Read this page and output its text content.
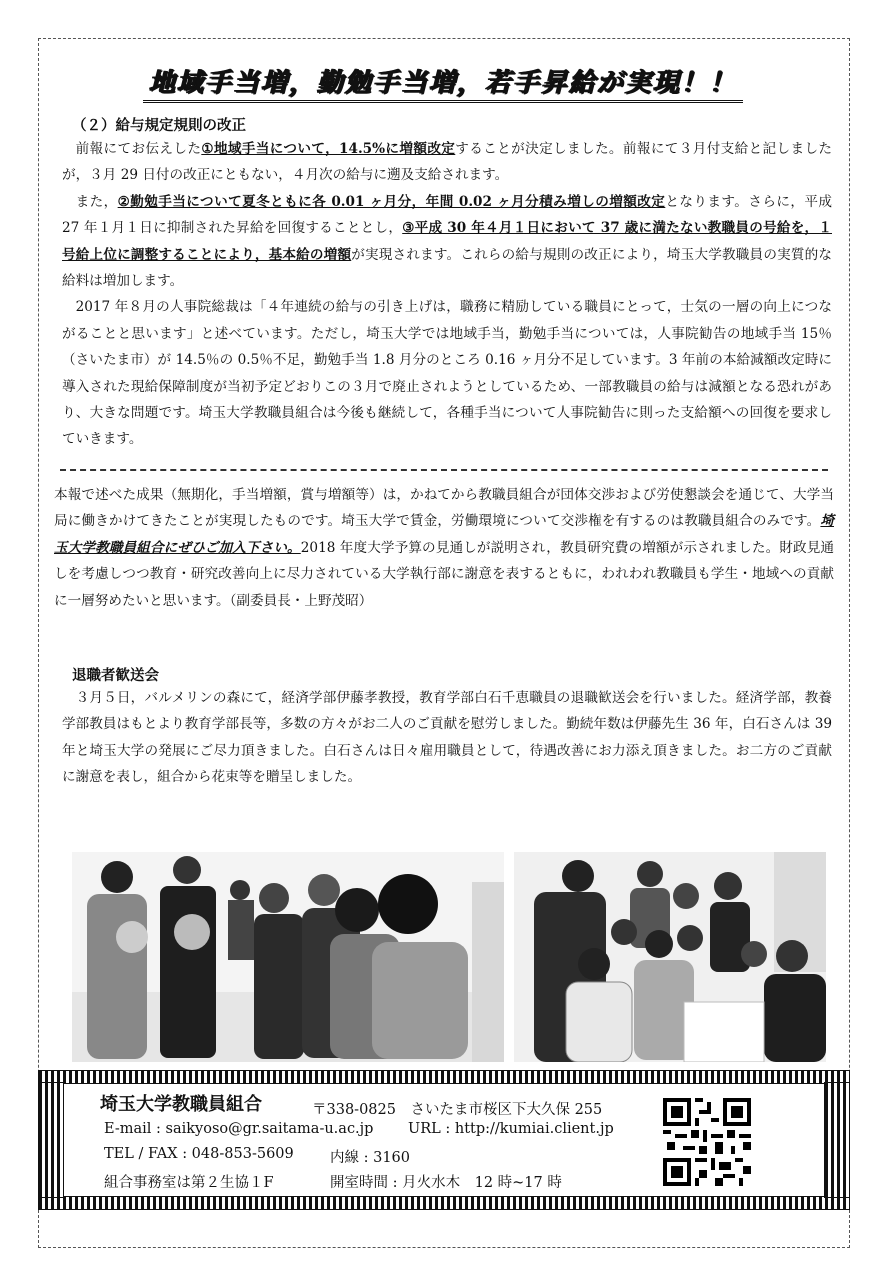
地域手当増，勤勉手当増，若手昇給が実現！！
（２）給与規定規則の改正

前報にてお伝えした①地域手当について，14.5%に増額改定することが決定しました。前報にて３月付支給と記しましたが，３月 29 日付の改正にともない，４月次の給与に遡及支給されます。

また，②勤勉手当について夏冬ともに各 0.01 ヶ月分，年間 0.02 ヶ月分積み増しの増額改定となります。さらに，平成 27 年１月１日に抑制された昇給を回復することとし，③平成 30 年４月１日において 37 歳に満たない教職員の号給を，１号給上位に調整することにより，基本給の増額が実現されます。これらの給与規則の改正により，埼玉大学教職員の実質的な給料は増加します。

2017 年８月の人事院総裁は「４年連続の給与の引き上げは，職務に精励している職員にとって，士気の一層の向上につながることと思います」と述べています。ただし，埼玉大学では地域手当，勤勉手当については，人事院勧告の地域手当 15％（さいたま市）が 14.5％の 0.5％不足，勤勉手当 1.8 月分のところ 0.16 ヶ月分不足しています。3 年前の本給減額改定時に導入された現給保障制度が当初予定どおりこの３月で廃止されようとしているため、一部教職員の給与は減額となる恐れがあり、大きな問題です。埼玉大学教職員組合は今後も継続して，各種手当について人事院勧告に則った支給額への回復を要求していきます。

本報で述べた成果（無期化，手当増額，賞与増額等）は，かねてから教職員組合が団体交渉および労使懇談会を通じて、大学当局に働きかけてきたことが実現したものです。埼玉大学で賃金，労働環境について交渉権を有するのは教職員組合のみです。埼玉大学教職員組合にぜひご加入下さい。2018 年度大学予算の見通しが説明され，教員研究費の増額が示されました。財政見通しを考慮しつつ教育・研究改善向上に尽力されている大学執行部に謝意を表するともに，われわれ教職員も学生・地域への貢献に一層努めたいと思います。（副委員長・上野茂昭）

退職者歓送会

３月５日，バルメリンの森にて，経済学部伊藤孝教授，教育学部白石千恵職員の退職歓送会を行いました。経済学部，教養学部教員はもとより教育学部長等，多数の方々がお二人のご貢献を慰労しました。勤続年数は伊藤先生 36 年，白石さんは 39 年と埼玉大学の発展にご尽力頂きました。白石さんは日々雇用職員として，待遇改善にお力添え頂きました。お二方のご貢献に謝意を表し，組合から花束等を贈呈しました。

埼玉大学教職員組合	〒338-0825　さいたま市桜区下大久保 255
E-mail : saikyoso@gr.saitama-u.ac.jp URL : http://kumiai.client.jp
TEL / FAX : 048-853-5609	内線 : 3160
組合事務室は第２生協１F	開室時間 : 月火水木　12 時~17 時
